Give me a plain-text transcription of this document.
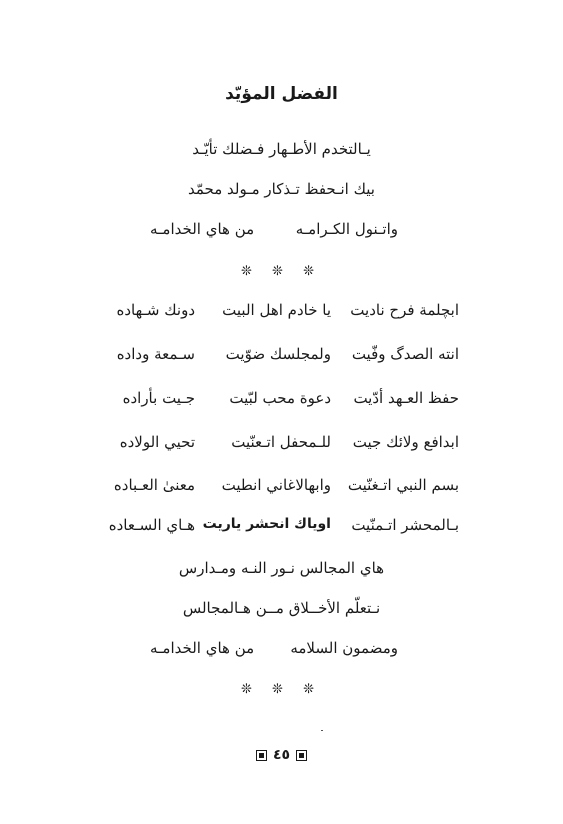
الفضل المؤيّد
يـالتخدم الأطـهار فـضلك تأيّـد
بيك انـحفظ تـذكار مـولد محمّد
واتـنول الكـرامـه
من هاي الخدامـه
❊ ❊ ❊
ابچلمة فرح ناديت
يا خادم اهل البيت
دونك شـهاده
انته الصدگ وفّيت
ولمجلسك ضوّيت
سـمعة وداده
حفظ العـهد أدّيت
دعوة محب لبّيت
جـيت بأراده
ابدافع ولائك جيت
للـمحفل اتـعنّيت
تحيي الولاده
بسم النبي اتـغنّيت
وابهالاغاني انطيت
معنىٰ العـباده
بـالمحشر اتـمنّيت
اوياك انحشر ياريت
هـاي السـعاده
هاي المجالس نـور النـه ومـدارس
نـتعلّم الأخــلاق مــن هـالمجالس
ومضمون السلامه
من هاي الخدامـه
❊ ❊ ❊
٤٥
